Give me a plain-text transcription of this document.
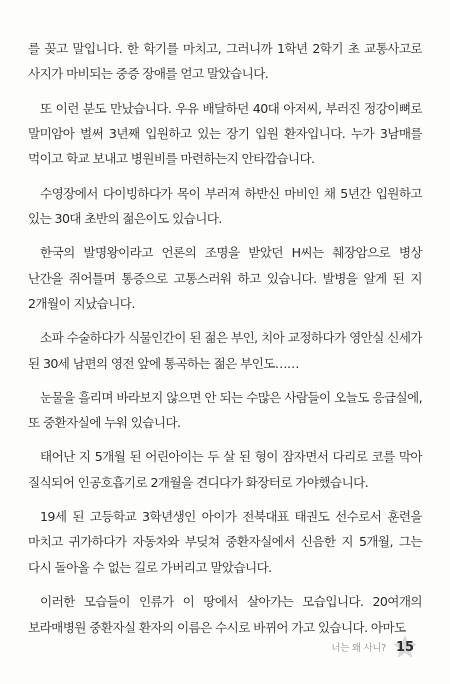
를 꽂고 말입니다. 한 학기를 마치고, 그러니까 1학년 2학기 초 교통사고로 사지가 마비되는 중증 장애를 얻고 말았습니다.

또 이런 분도 만났습니다. 우유 배달하던 40대 아저씨, 부러진 정강이뼈로 말미암아 벌써 3년째 입원하고 있는 장기 입원 환자입니다. 누가 3남매를 먹이고 학교 보내고 병원비를 마련하는지 안타깝습니다.

수영장에서 다이빙하다가 목이 부러져 하반신 마비인 채 5년간 입원하고 있는 30대 초반의 젊은이도 있습니다.

한국의 발명왕이라고 언론의 조명을 받았던 H씨는 췌장암으로 병상 난간을 쥐어틀며 통증으로 고통스러워 하고 있습니다. 발병을 알게 된 지 2개월이 지났습니다.

소파 수술하다가 식물인간이 된 젊은 부인, 치아 교정하다가 영안실 신세가 된 30세 남편의 영전 앞에 통곡하는 젊은 부인도……

눈물을 흘리며 바라보지 않으면 안 되는 수많은 사람들이 오늘도 응급실에, 또 중환자실에 누워 있습니다.

태어난 지 5개월 된 어린아이는 두 살 된 형이 잠자면서 다리로 코를 막아 질식되어 인공호흡기로 2개월을 견디다가 화장터로 가야했습니다.

19세 된 고등학교 3학년생인 아이가 전북대표 태권도 선수로서 훈련을 마치고 귀가하다가 자동차와 부딪쳐 중환자실에서 신음한 지 5개월, 그는 다시 돌아올 수 없는 길로 가버리고 말았습니다.

이러한 모습들이 인류가 이 땅에서 살아가는 모습입니다. 20여개의 보라매병원 중환자실 환자의 이름은 수시로 바뀌어 가고 있습니다. 아마도

너는 왜 사니? 15
